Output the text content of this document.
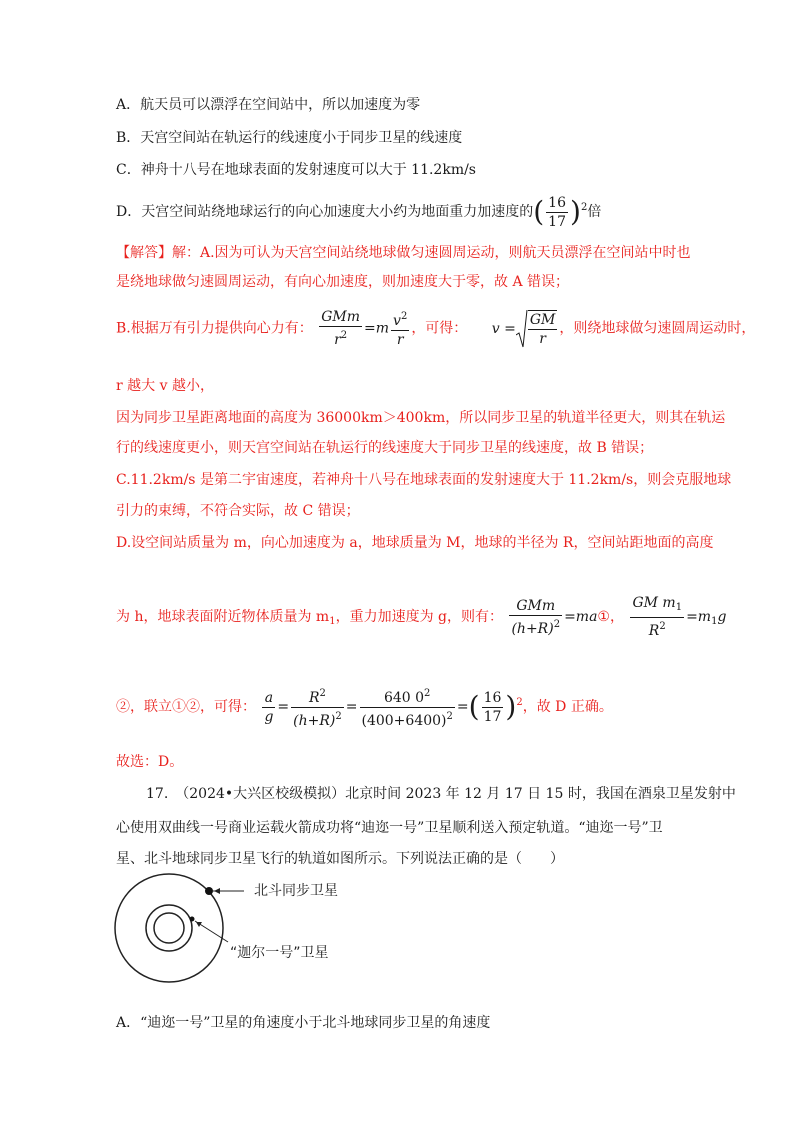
A．航天员可以漂浮在空间站中，所以加速度为零
B．天宫空间站在轨运行的线速度小于同步卫星的线速度
C．神舟十八号在地球表面的发射速度可以大于 11.2km/s
D．天宫空间站绕地球运行的向心加速度大小约为地面重力加速度的( $\frac{16}{17} )^2$倍
【解答】解：A.因为可认为天宫空间站绕地球做匀速圆周运动，则航天员漂浮在空间站中时也
是绕地球做匀速圆周运动，有向心加速度，则加速度大于零，故 A 错误；
B.根据万有引力提供向心力有： $\frac{\text{GMm}}{r^2} =m \frac{v^2}{r}$ ，可得： $v = \frac{GM}{r}$ ，则绕地球做匀速圆周运动时，
r 越大 v 越小，
因为同步卫星距离地面的高度为 36000km＞400km，所以同步卫星的轨道半径更大，则其在轨运
行的线速度更小，则天宫空间站在轨运行的线速度大于同步卫星的线速度，故 B 错误；
C.11.2km/s 是第二宇宙速度，若神舟十八号在地球表面的发射速度大于 11.2km/s，则会克服地球
引力的束缚，不符合实际，故 C 错误；
D.设空间站质量为 m，向心加速度为 a，地球质量为 M，地球的半径为 R，空间站距地面的高度
为 h，地球表面附近物体质量为 $m_1$，重力加速度为 g，则有： $\frac{\text{GMm}}{(h+R)^2}$ =ma①， $\frac{GM m_1}{R^2} =m_1g$
②，联立①②，可得： $\frac{a}{g} = \frac{R^2}{(h+R)^2} = \frac{640 0^2}{(400+6400)^2}$ =( $\frac{16}{17} )^2$，故 D 正确。
故选：D。
17.　（2024•大兴区校级模拟）北京时间 2023 年 12 月 17 日 15 时，我国在酒泉卫星发射中
心使用双曲线一号商业运载火箭成功将“迪迩一号”卫星顺利送入预定轨道。“迪迩一号”卫
星、北斗地球同步卫星飞行的轨道如图所示。下列说法正确的是（　　）
北斗同步卫星
“迦尔一号”卫星
A．“迪迩一号”卫星的角速度小于北斗地球同步卫星的角速度
